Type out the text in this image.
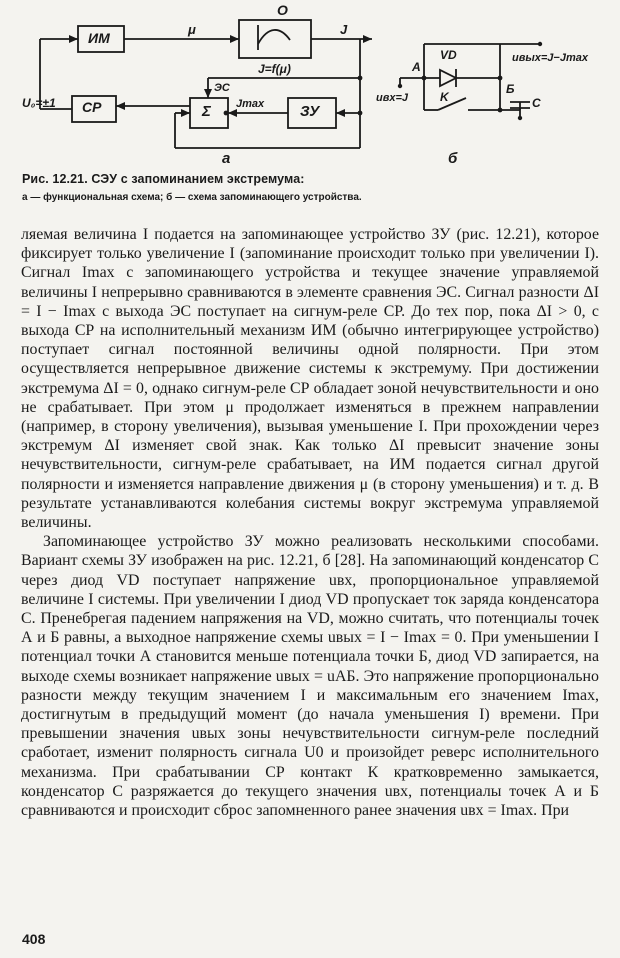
ИМ
О
СР	Σ	ЗУ
μ	J
J=f(μ)
ЭС
Jmax
U₀=±1
а
VD
A
K
Б
С
uвх=J
uвых=J−Jmax
б
Рис. 12.21. СЭУ с запоминанием экстремума:
а — функциональная схема; б — схема запоминающего устройства.

ляемая величина I подается на запоминающее устройство ЗУ (рис. 12.21), которое фиксирует только увеличение I (запоминание происходит только при увеличении I). Сигнал Imax с запоминающего устройства и текущее значение управляемой величины I непрерывно сравниваются в элементе сравнения ЭС. Сигнал разности ΔI = I − Imax с выхода ЭС поступает на сигнум-реле СР. До тех пор, пока ΔI > 0, с выхода СР на исполнительный механизм ИМ (обычно интегрирующее устройство) поступает сигнал постоянной величины одной полярности. При этом осуществляется непрерывное движение системы к экстремуму. При достижении экстремума ΔI = 0, однако сигнум-реле СР обладает зоной нечувствительности и оно не срабатывает. При этом μ продолжает изменяться в прежнем направлении (например, в сторону увеличения), вызывая уменьшение I. При прохождении через экстремум ΔI изменяет свой знак. Как только ΔI превысит значение зоны нечувствительности, сигнум-реле срабатывает, на ИМ подается сигнал другой полярности и изменяется направление движения μ (в сторону уменьшения) и т. д. В результате устанавливаются колебания системы вокруг экстремума управляемой величины.

Запоминающее устройство ЗУ можно реализовать несколькими способами. Вариант схемы ЗУ изображен на рис. 12.21, б [28]. На запоминающий конденсатор С через диод VD поступает напряжение uвх, пропорциональное управляемой величине I системы. При увеличении I диод VD пропускает ток заряда конденсатора С. Пренебрегая падением напряжения на VD, можно считать, что потенциалы точек А и Б равны, а выходное напряжение схемы uвых = I − Imax = 0. При уменьшении I потенциал точки А становится меньше потенциала точки Б, диод VD запирается, на выходе схемы возникает напряжение uвых = uАБ. Это напряжение пропорционально разности между текущим значением I и максимальным его значением Imax, достигнутым в предыдущий момент (до начала уменьшения I) времени. При превышении значения uвых зоны нечувствительности сигнум-реле последний сработает, изменит полярность сигнала U0 и произойдет реверс исполнительного механизма. При срабатывании СР контакт К кратковременно замыкается, конденсатор С разряжается до текущего значения uвх, потенциалы точек А и Б сравниваются и происходит сброс запомненного ранее значения uвх = Imax. При

408
